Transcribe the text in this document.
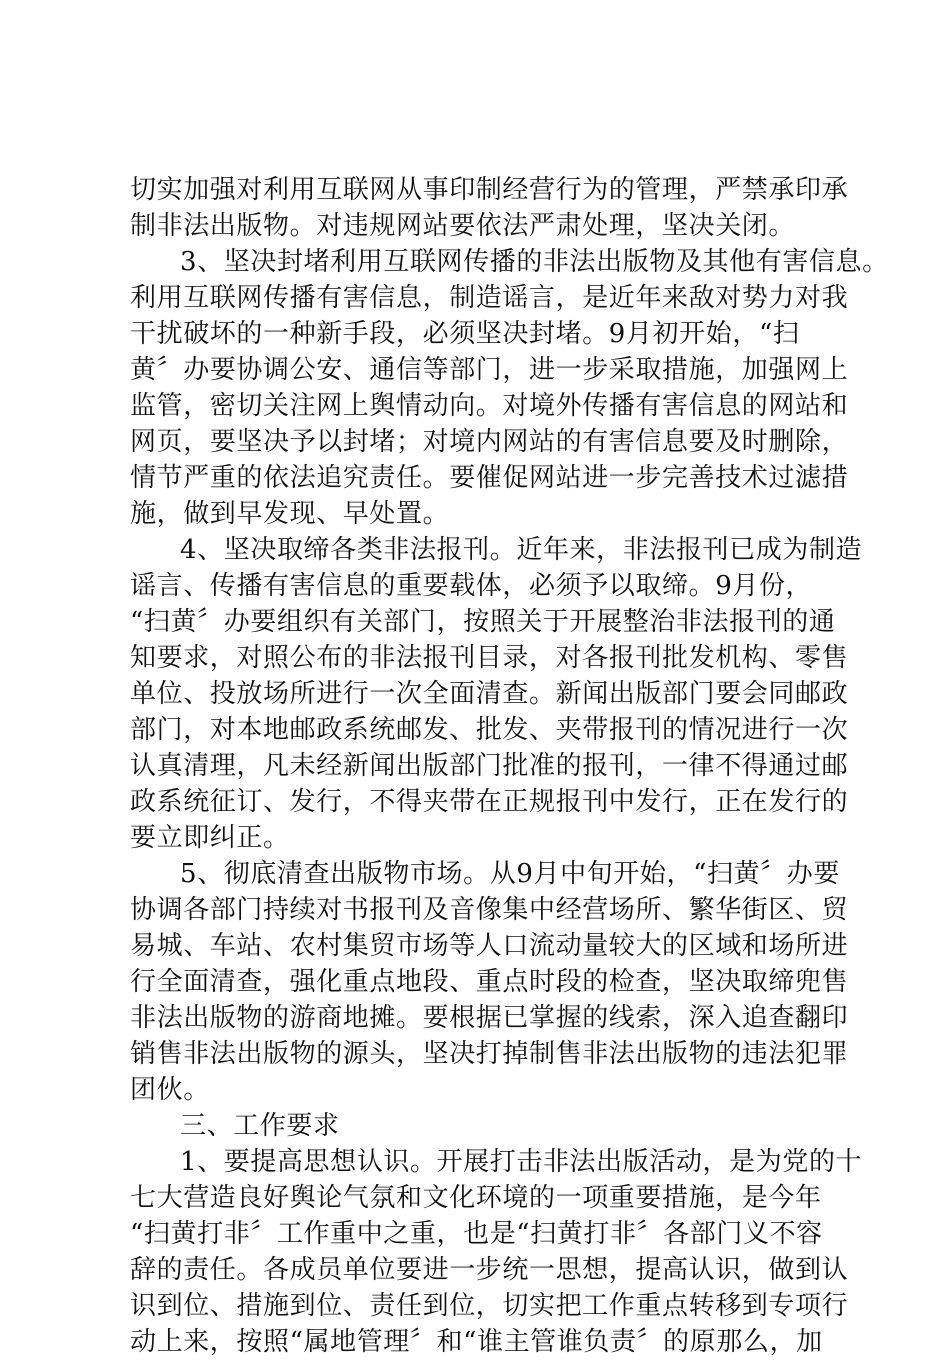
切实加强对利用互联网从事印制经营行为的管理，严禁承印承
制非法出版物。对违规网站要依法严肃处理，坚决关闭。
3、坚决封堵利用互联网传播的非法出版物及其他有害信息。
利用互联网传播有害信息，制造谣言，是近年来敌对势力对我
干扰破坏的一种新手段，必须坚决封堵。9月初开始，“扫
黄〞办要协调公安、通信等部门，进一步采取措施，加强网上
监管，密切关注网上舆情动向。对境外传播有害信息的网站和
网页，要坚决予以封堵；对境内网站的有害信息要及时删除，
情节严重的依法追究责任。要催促网站进一步完善技术过滤措
施，做到早发现、早处置。
4、坚决取缔各类非法报刊。近年来，非法报刊已成为制造
谣言、传播有害信息的重要载体，必须予以取缔。9月份，
“扫黄〞办要组织有关部门，按照关于开展整治非法报刊的通
知要求，对照公布的非法报刊目录，对各报刊批发机构、零售
单位、投放场所进行一次全面清查。新闻出版部门要会同邮政
部门，对本地邮政系统邮发、批发、夹带报刊的情况进行一次
认真清理，凡未经新闻出版部门批准的报刊，一律不得通过邮
政系统征订、发行，不得夹带在正规报刊中发行，正在发行的
要立即纠正。
5、彻底清查出版物市场。从9月中旬开始，“扫黄〞办要
协调各部门持续对书报刊及音像集中经营场所、繁华街区、贸
易城、车站、农村集贸市场等人口流动量较大的区域和场所进
行全面清查，强化重点地段、重点时段的检查，坚决取缔兜售
非法出版物的游商地摊。要根据已掌握的线索，深入追查翻印
销售非法出版物的源头，坚决打掉制售非法出版物的违法犯罪
团伙。
三、工作要求
1、要提高思想认识。开展打击非法出版活动，是为党的十
七大营造良好舆论气氛和文化环境的一项重要措施，是今年
“扫黄打非〞工作重中之重，也是“扫黄打非〞各部门义不容
辞的责任。各成员单位要进一步统一思想，提高认识，做到认
识到位、措施到位、责任到位，切实把工作重点转移到专项行
动上来，按照“属地管理〞和“谁主管谁负责〞的原那么，加
